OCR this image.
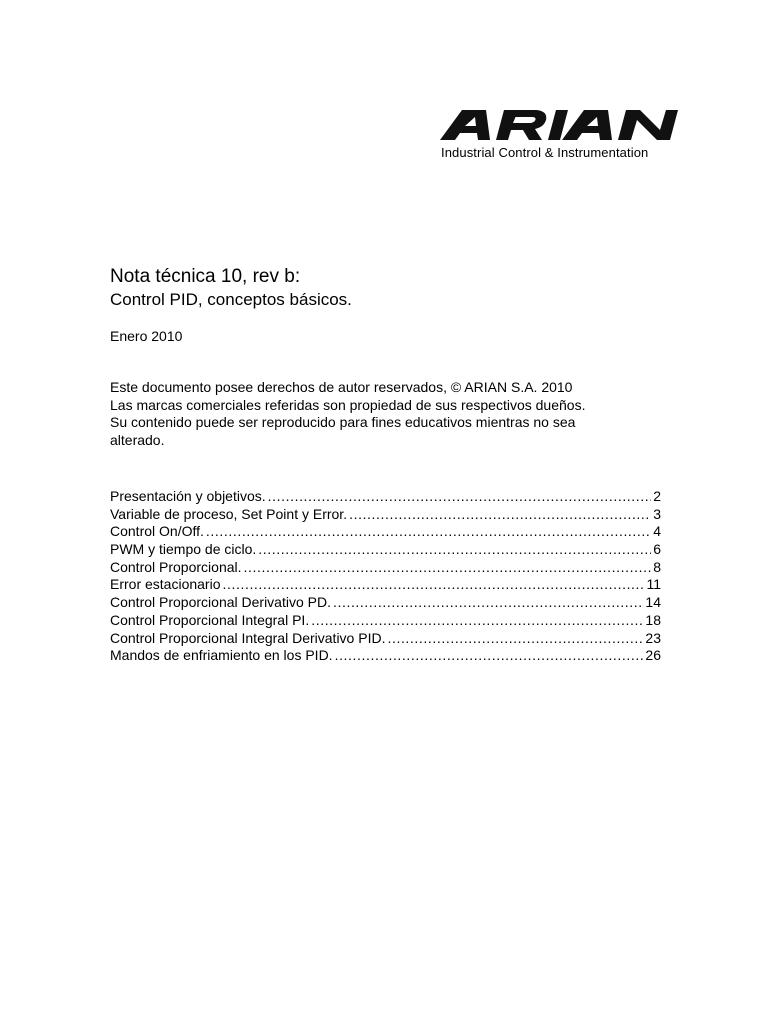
Industrial Control & Instrumentation
Nota técnica 10, rev b:
Control PID, conceptos básicos.
Enero 2010
Este documento posee derechos de autor reservados, © ARIAN S.A. 2010
Las marcas comerciales referidas son propiedad de sus respectivos dueños.
Su contenido puede ser reproducido para fines educativos mientras no sea
alterado.
Presentación y objetivos. .....	2
Variable de proceso, Set Point y Error. .....	3
Control On/Off. .....	4
PWM y tiempo de ciclo. .....	6
Control Proporcional. .....	8
Error estacionario .....	11
Control Proporcional Derivativo PD. .....	14
Control Proporcional Integral PI. .....	18
Control Proporcional Integral Derivativo PID. .....	23
Mandos de enfriamiento en los PID. .....	26
